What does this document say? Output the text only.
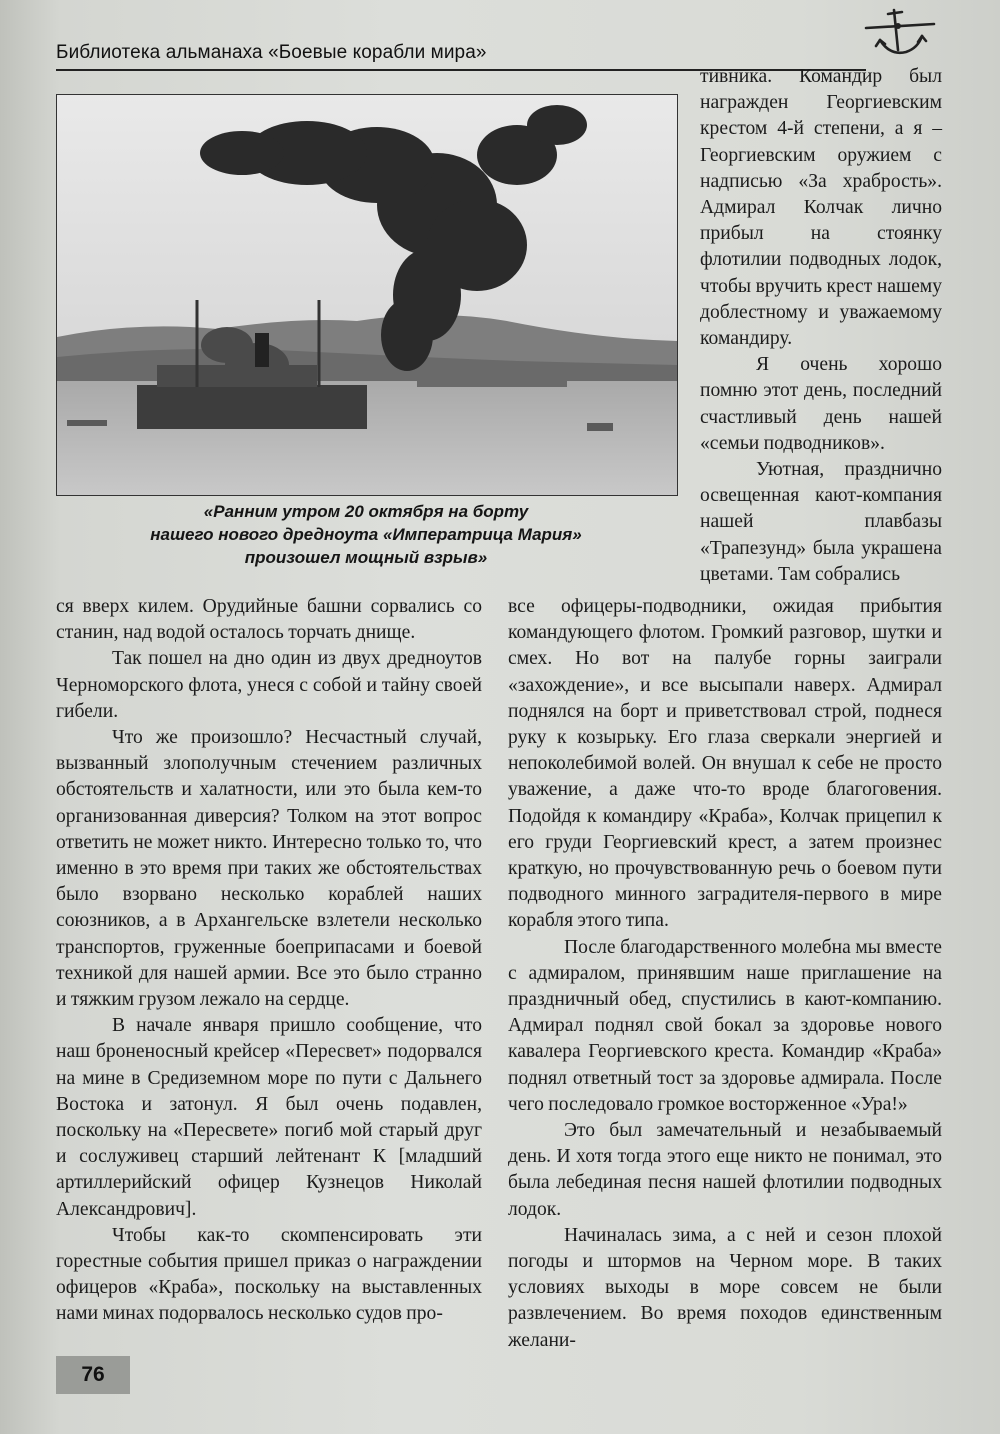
Библиотека альманаха «Боевые корабли мира»
«Ранним утром 20 октября на борту
нашего нового дредноута «Императрица Мария»
произошел мощный взрыв»

тивника. Командир был награжден Георгиевским крестом 4-й степени, а я – Георгиевским оружием с надписью «За храбрость». Адмирал Колчак лично прибыл на стоянку флотилии подводных лодок, чтобы вручить крест нашему доблестному и уважаемому командиру.

Я очень хорошо помню этот день, последний счастливый день нашей «семьи подводников».

Уютная, празднично освещенная кают-компания нашей плавбазы «Трапезунд» была украшена цветами. Там собрались

ся вверх килем. Орудийные башни сорвались со станин, над водой осталось торчать днище.

Так пошел на дно один из двух дредноутов Черноморского флота, унеся с собой и тайну своей гибели.

Что же произошло? Несчастный случай, вызванный злополучным стечением различных обстоятельств и халатности, или это была кем-то организованная диверсия? Толком на этот вопрос ответить не может никто. Интересно только то, что именно в это время при таких же обстоятельствах было взорвано несколько кораблей наших союзников, а в Архангельске взлетели несколько транспортов, груженные боеприпасами и боевой техникой для нашей армии. Все это было странно и тяжким грузом лежало на сердце.

В начале января пришло сообщение, что наш броненосный крейсер «Пересвет» подорвался на мине в Средиземном море по пути с Дальнего Востока и затонул. Я был очень подавлен, поскольку на «Пересвете» погиб мой старый друг и сослуживец старший лейтенант К [младший артиллерийский офицер Кузнецов Николай Александрович].

Чтобы как-то скомпенсировать эти горестные события пришел приказ о награждении офицеров «Краба», поскольку на выставленных нами минах подорвалось несколько судов про-

все офицеры-подводники, ожидая прибытия командующего флотом. Громкий разговор, шутки и смех. Но вот на палубе горны заиграли «захождение», и все высыпали наверх. Адмирал поднялся на борт и приветствовал строй, поднеся руку к козырьку. Его глаза сверкали энергией и непоколебимой волей. Он внушал к себе не просто уважение, а даже что-то вроде благоговения. Подойдя к командиру «Краба», Колчак прицепил к его груди Георгиевский крест, а затем произнес краткую, но прочувствованную речь о боевом пути подводного минного заградителя-первого в мире корабля этого типа.

После благодарственного молебна мы вместе с адмиралом, принявшим наше приглашение на праздничный обед, спустились в кают-компанию. Адмирал поднял свой бокал за здоровье нового кавалера Георгиевского креста. Командир «Краба» поднял ответный тост за здоровье адмирала. После чего последовало громкое восторженное «Ура!»

Это был замечательный и незабываемый день. И хотя тогда этого еще никто не понимал, это была лебединая песня нашей флотилии подводных лодок.

Начиналась зима, а с ней и сезон плохой погоды и штормов на Черном море. В таких условиях выходы в море совсем не были развлечением. Во время походов единственным желани-

76
